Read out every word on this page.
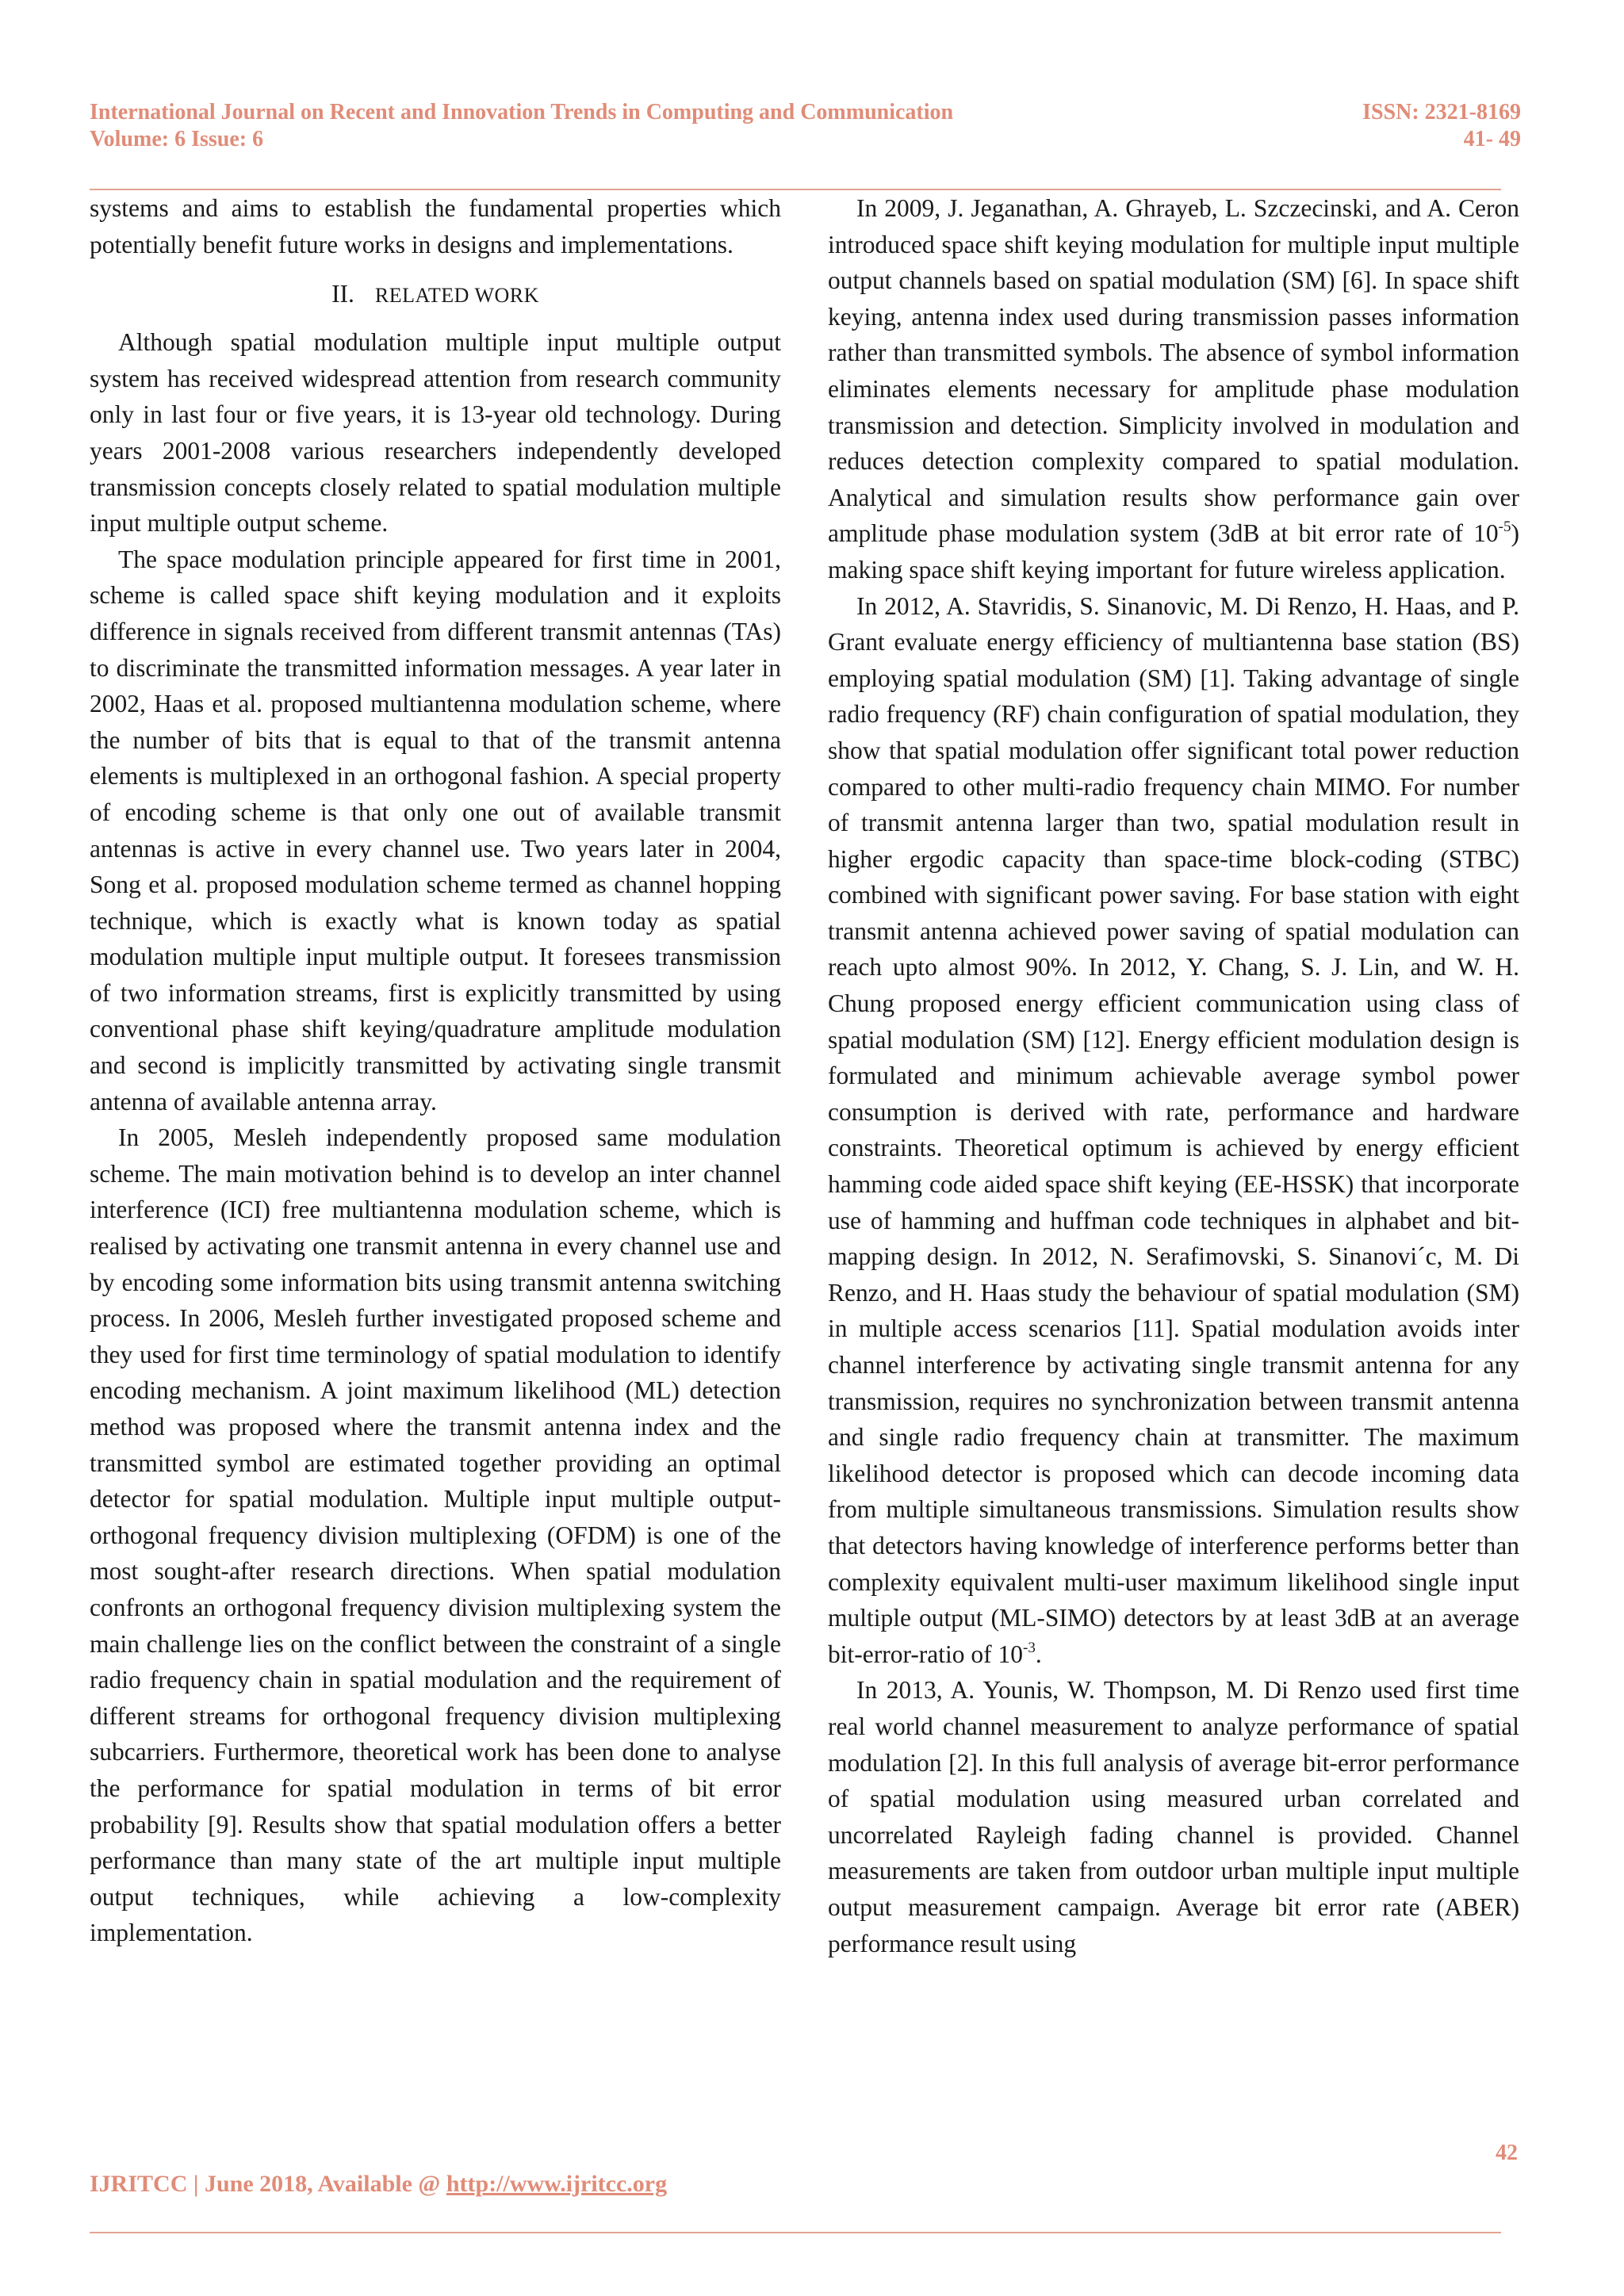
International Journal on Recent and Innovation Trends in Computing and Communication	ISSN: 2321-8169
Volume: 6 Issue: 6	41- 49

systems and aims to establish the fundamental properties which potentially benefit future works in designs and implementations.

II. RELATED WORK

Although spatial modulation multiple input multiple output system has received widespread attention from research community only in last four or five years, it is 13-year old technology. During years 2001-2008 various researchers independently developed transmission concepts closely related to spatial modulation multiple input multiple output scheme.

The space modulation principle appeared for first time in 2001, scheme is called space shift keying modulation and it exploits difference in signals received from different transmit antennas (TAs) to discriminate the transmitted information messages. A year later in 2002, Haas et al. proposed multiantenna modulation scheme, where the number of bits that is equal to that of the transmit antenna elements is multiplexed in an orthogonal fashion. A special property of encoding scheme is that only one out of available transmit antennas is active in every channel use. Two years later in 2004, Song et al. proposed modulation scheme termed as channel hopping technique, which is exactly what is known today as spatial modulation multiple input multiple output. It foresees transmission of two information streams, first is explicitly transmitted by using conventional phase shift keying/quadrature amplitude modulation and second is implicitly transmitted by activating single transmit antenna of available antenna array.

In 2005, Mesleh independently proposed same modulation scheme. The main motivation behind is to develop an inter channel interference (ICI) free multiantenna modulation scheme, which is realised by activating one transmit antenna in every channel use and by encoding some information bits using transmit antenna switching process. In 2006, Mesleh further investigated proposed scheme and they used for first time terminology of spatial modulation to identify encoding mechanism. A joint maximum likelihood (ML) detection method was proposed where the transmit antenna index and the transmitted symbol are estimated together providing an optimal detector for spatial modulation. Multiple input multiple output-orthogonal frequency division multiplexing (OFDM) is one of the most sought-after research directions. When spatial modulation confronts an orthogonal frequency division multiplexing system the main challenge lies on the conflict between the constraint of a single radio frequency chain in spatial modulation and the requirement of different streams for orthogonal frequency division multiplexing subcarriers. Furthermore, theoretical work has been done to analyse the performance for spatial modulation in terms of bit error probability [9]. Results show that spatial modulation offers a better performance than many state of the art multiple input multiple output techniques, while achieving a low-complexity implementation.

In 2009, J. Jeganathan, A. Ghrayeb, L. Szczecinski, and A. Ceron introduced space shift keying modulation for multiple input multiple output channels based on spatial modulation (SM) [6]. In space shift keying, antenna index used during transmission passes information rather than transmitted symbols. The absence of symbol information eliminates elements necessary for amplitude phase modulation transmission and detection. Simplicity involved in modulation and reduces detection complexity compared to spatial modulation. Analytical and simulation results show performance gain over amplitude phase modulation system (3dB at bit error rate of $10^{-5}$) making space shift keying important for future wireless application.

In 2012, A. Stavridis, S. Sinanovic, M. Di Renzo, H. Haas, and P. Grant evaluate energy efficiency of multiantenna base station (BS) employing spatial modulation (SM) [1]. Taking advantage of single radio frequency (RF) chain configuration of spatial modulation, they show that spatial modulation offer significant total power reduction compared to other multi-radio frequency chain MIMO. For number of transmit antenna larger than two, spatial modulation result in higher ergodic capacity than space-time block-coding (STBC) combined with significant power saving. For base station with eight transmit antenna achieved power saving of spatial modulation can reach upto almost 90%. In 2012, Y. Chang, S. J. Lin, and W. H. Chung proposed energy efficient communication using class of spatial modulation (SM) [12]. Energy efficient modulation design is formulated and minimum achievable average symbol power consumption is derived with rate, performance and hardware constraints. Theoretical optimum is achieved by energy efficient hamming code aided space shift keying (EE-HSSK) that incorporate use of hamming and huffman code techniques in alphabet and bit-mapping design. In 2012, N. Serafimovski, S. Sinanovi´c, M. Di Renzo, and H. Haas study the behaviour of spatial modulation (SM) in multiple access scenarios [11]. Spatial modulation avoids inter channel interference by activating single transmit antenna for any transmission, requires no synchronization between transmit antenna and single radio frequency chain at transmitter. The maximum likelihood detector is proposed which can decode incoming data from multiple simultaneous transmissions. Simulation results show that detectors having knowledge of interference performs better than complexity equivalent multi-user maximum likelihood single input multiple output (ML-SIMO) detectors by at least 3dB at an average bit-error-ratio of $10^{-3}$.

In 2013, A. Younis, W. Thompson, M. Di Renzo used first time real world channel measurement to analyze performance of spatial modulation [2]. In this full analysis of average bit-error performance of spatial modulation using measured urban correlated and uncorrelated Rayleigh fading channel is provided. Channel measurements are taken from outdoor urban multiple input multiple output measurement campaign. Average bit error rate (ABER) performance result using

42
IJRITCC | June 2018, Available @ http://www.ijritcc.org
